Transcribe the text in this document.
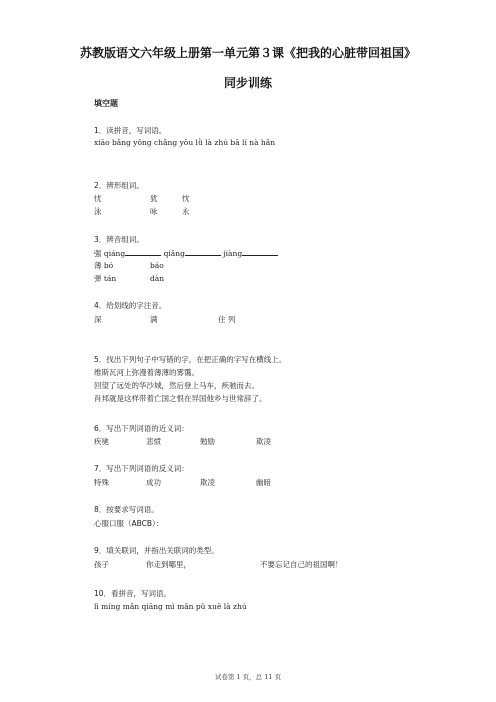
苏教版语文六年级上册第一单元第３课《把我的心脏带回祖国》
同步训练
填空题
1．读拼音，写词语。
xiāo bǎng yǒng chǎng yōu lǜ là zhú bā lí nà hǎn
2．辨形组词。
忧	犹	忱
泳	咏	永
3．辨音组词。
强 qiáng	qiǎng	jiàng
薄 bó	báo
弹 tán	dàn
4．给划线的字注音。
深	满	住 列
5．找出下列句子中写错的字，在把正确的字写在横线上。
维斯瓦河上弥漫着薄薄的雾霭。
回望了远处的华沙城，然后登上马车，疾驰而去。
肖邦就是这样带着亡国之恨在异国他乡与世常辞了。
6．写出下列词语的近义词：
疾驰	悲愤	勉励	欺凌
7．写出下列词语的反义词：
特殊	成功	欺凌	幽暗
8．按要求写词语。
心服口服（ABCB）：
9．填关联词，并指出关联词的类型。
孩子	你走到哪里，	不要忘记自己的祖国啊！
10．看拼音，写词语。
lì míng mǎn qiāng mì mǎn pǔ xuě là zhú
试卷第 1 页，总 11 页
